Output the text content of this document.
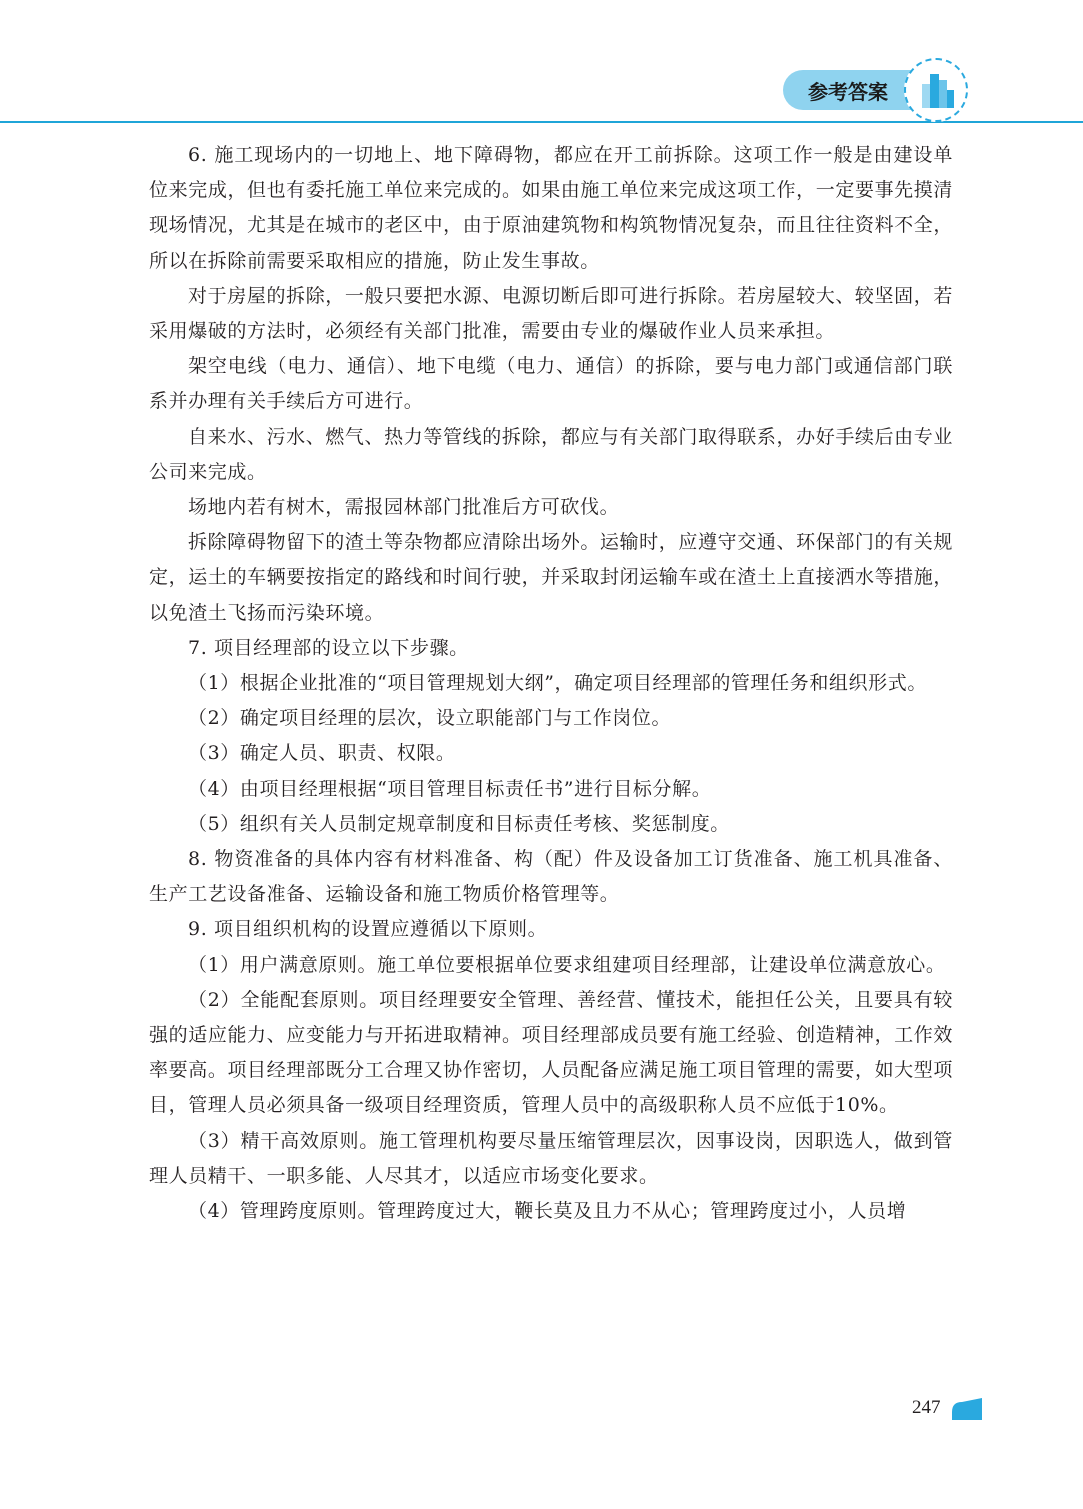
参考答案

6. 施工现场内的一切地上、地下障碍物，都应在开工前拆除。这项工作一般是由建设单位来完成，但也有委托施工单位来完成的。如果由施工单位来完成这项工作，一定要事先摸清现场情况，尤其是在城市的老区中，由于原油建筑物和构筑物情况复杂，而且往往资料不全，所以在拆除前需要采取相应的措施，防止发生事故。

对于房屋的拆除，一般只要把水源、电源切断后即可进行拆除。若房屋较大、较坚固，若采用爆破的方法时，必须经有关部门批准，需要由专业的爆破作业人员来承担。

架空电线（电力、通信）、地下电缆（电力、通信）的拆除，要与电力部门或通信部门联系并办理有关手续后方可进行。

自来水、污水、燃气、热力等管线的拆除，都应与有关部门取得联系，办好手续后由专业公司来完成。

场地内若有树木，需报园林部门批准后方可砍伐。

拆除障碍物留下的渣土等杂物都应清除出场外。运输时，应遵守交通、环保部门的有关规定，运土的车辆要按指定的路线和时间行驶，并采取封闭运输车或在渣土上直接洒水等措施，以免渣土飞扬而污染环境。

7. 项目经理部的设立以下步骤。

（1）根据企业批准的“项目管理规划大纲”，确定项目经理部的管理任务和组织形式。

（2）确定项目经理的层次，设立职能部门与工作岗位。

（3）确定人员、职责、权限。

（4）由项目经理根据“项目管理目标责任书”进行目标分解。

（5）组织有关人员制定规章制度和目标责任考核、奖惩制度。

8. 物资准备的具体内容有材料准备、构（配）件及设备加工订货准备、施工机具准备、生产工艺设备准备、运输设备和施工物质价格管理等。

9. 项目组织机构的设置应遵循以下原则。

（1）用户满意原则。施工单位要根据单位要求组建项目经理部，让建设单位满意放心。

（2）全能配套原则。项目经理要安全管理、善经营、懂技术，能担任公关，且要具有较强的适应能力、应变能力与开拓进取精神。项目经理部成员要有施工经验、创造精神，工作效率要高。项目经理部既分工合理又协作密切，人员配备应满足施工项目管理的需要，如大型项目，管理人员必须具备一级项目经理资质，管理人员中的高级职称人员不应低于10%。

（3）精干高效原则。施工管理机构要尽量压缩管理层次，因事设岗，因职选人，做到管理人员精干、一职多能、人尽其才，以适应市场变化要求。

（4）管理跨度原则。管理跨度过大，鞭长莫及且力不从心；管理跨度过小，人员增

247
